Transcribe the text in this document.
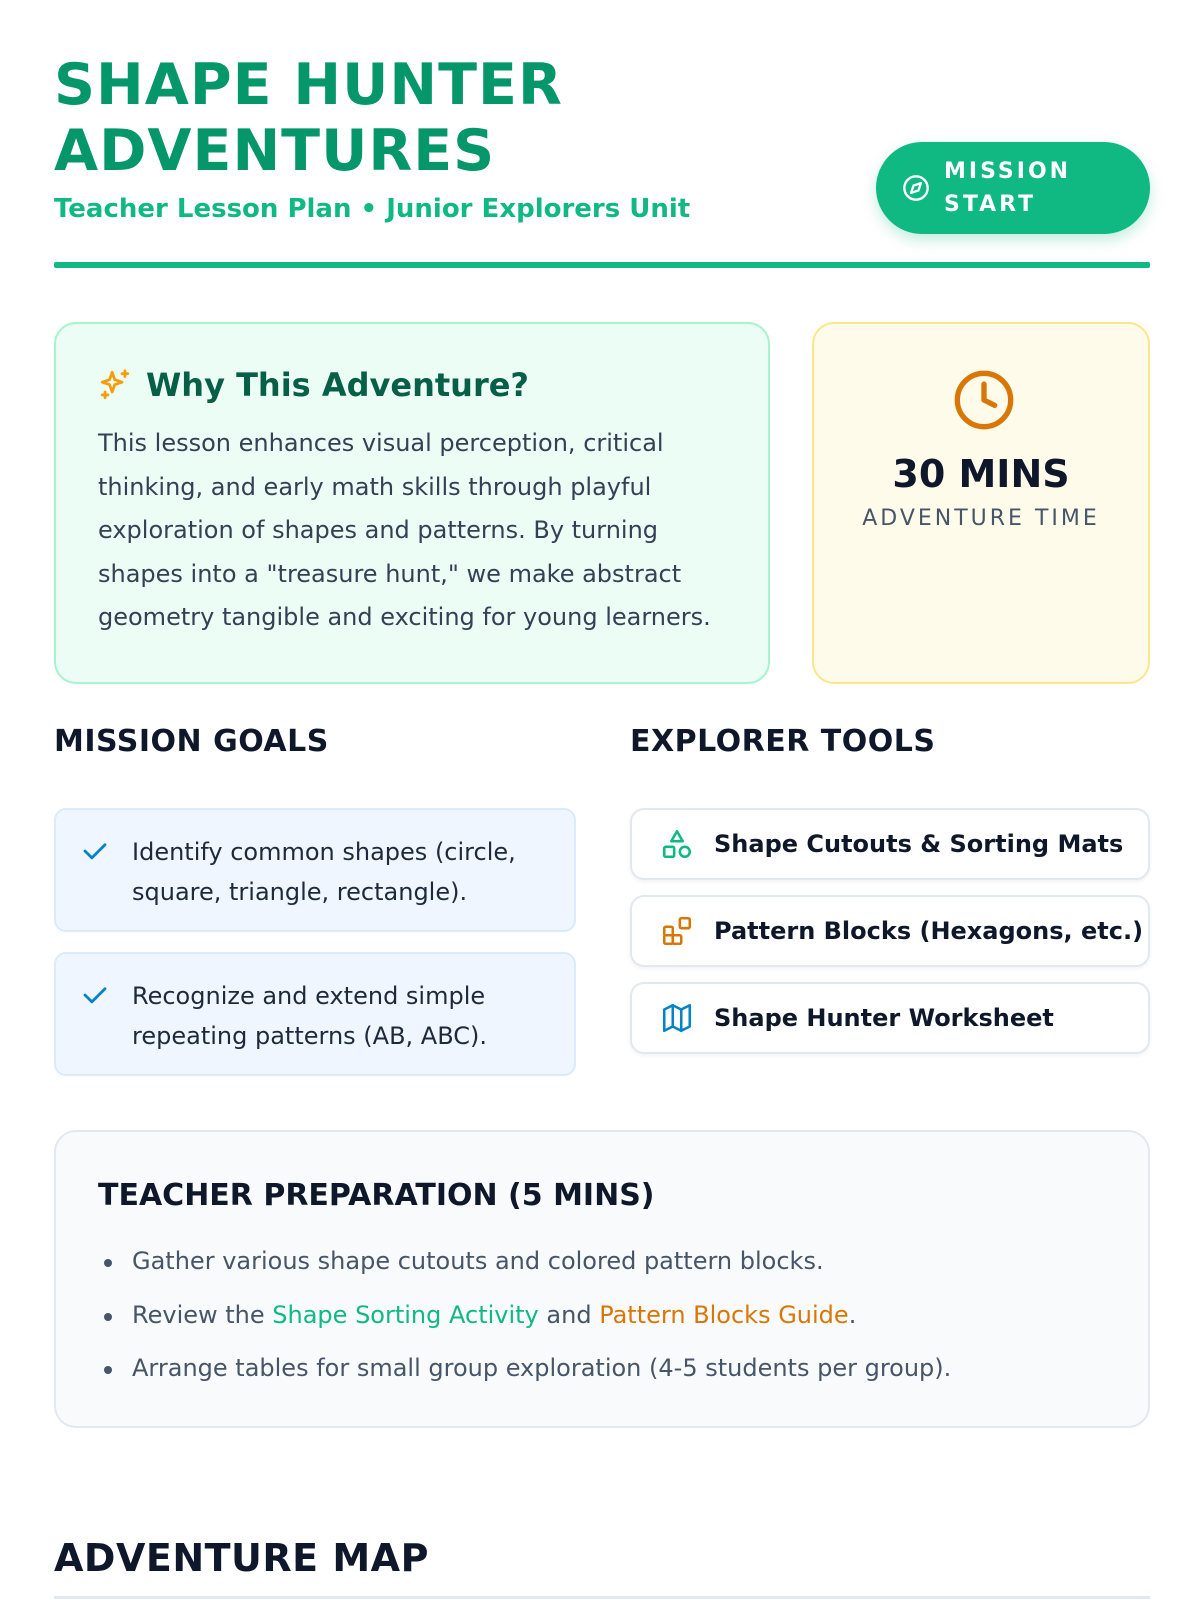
SHAPE HUNTER ADVENTURES
Teacher Lesson Plan • Junior Explorers Unit
MISSION START
Why This Adventure?

This lesson enhances visual perception, critical thinking, and early math skills through playful exploration of shapes and patterns. By turning shapes into a "treasure hunt," we make abstract geometry tangible and exciting for young learners.

30 MINS
ADVENTURE TIME
MISSION GOALS
Identify common shapes (circle, square, triangle, rectangle).
Recognize and extend simple repeating patterns (AB, ABC).
EXPLORER TOOLS
Shape Cutouts & Sorting Mats
Pattern Blocks (Hexagons, etc.)
Shape Hunter Worksheet
TEACHER PREPARATION (5 MINS)
Gather various shape cutouts and colored pattern blocks.
Review the Shape Sorting Activity and Pattern Blocks Guide.
Arrange tables for small group exploration (4-5 students per group).
ADVENTURE MAP
